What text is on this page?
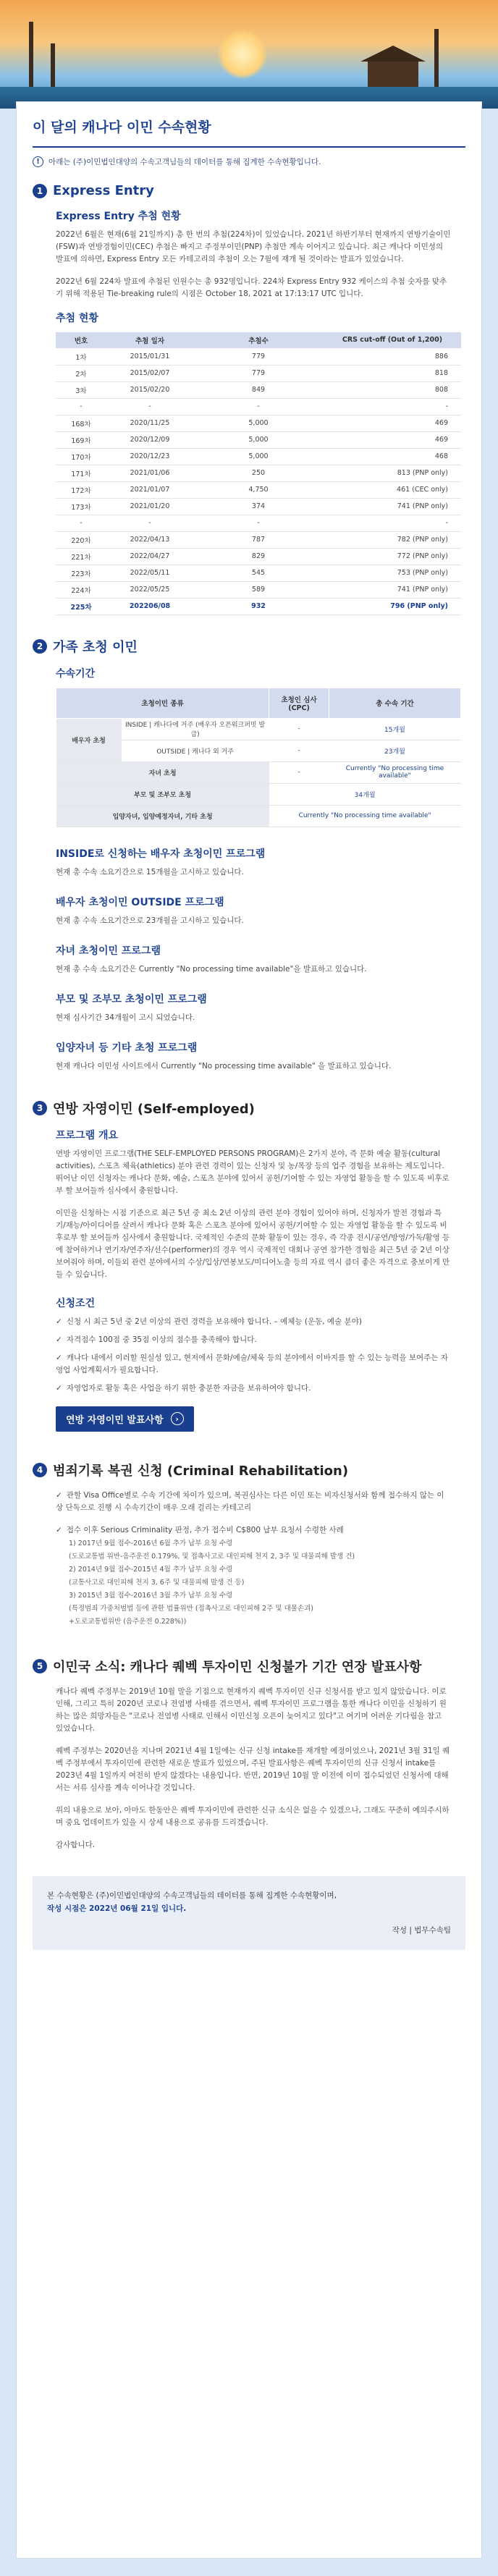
이 달의 캐나다 이민 수속현황
!	아래는 (주)이민법인대양의 수속고객님들의 데이터를 통해 집계한 수속현황입니다.
1 Express Entry
Express Entry 추첨 현황
2022년 6월은 현재(6월 21일까지) 총 한 번의 추첨(224차)이 있었습니다. 2021년 하반기부터 현재까지 연방기술이민(FSW)과 연방경험이민(CEC) 추첨은 빠지고 주정부이민(PNP) 추첨만 계속 이어지고 있습니다. 최근 캐나다 이민성의 발표에 의하면, Express Entry 모든 카테고리의 추첨이 오는 7월에 재개 될 것이라는 발표가 있었습니다.
2022년 6월 224차 발표에 추첨된 인원수는 총 932명입니다. 224차 Express Entry 932 케이스의 추첨 숫자를 맞추기 위해 적용된 Tie-breaking rule의 시점은 October 18, 2021 at 17:13:17 UTC 입니다.
추첨 현황
번호	추첨 일자	추첨수	CRS cut-off (Out of 1,200)
1차	2015/01/31	779	886
2차	2015/02/07	779	818
3차	2015/02/20	849	808
-	-	-	-
168차	2020/11/25	5,000	469
169차	2020/12/09	5,000	469
170차	2020/12/23	5,000	468
171차	2021/01/06	250	813 (PNP only)
172차	2021/01/07	4,750	461 (CEC only)
173차	2021/01/20	374	741 (PNP only)
-	-	-	-
220차	2022/04/13	787	782 (PNP only)
221차	2022/04/27	829	772 (PNP only)
223차	2022/05/11	545	753 (PNP only)
224차	2022/05/25	589	741 (PNP only)
225차	202206/08	932	796 (PNP only)
2 가족 초청 이민
수속기간
초청이민 종류		초청인 심사 (CPC)	총 수속 기간
배우자 초청	INSIDE | 캐나다에 거주 (배우자 오픈워크퍼밋 발급)	-	15개월
	OUTSIDE | 캐나다 외 거주	-	23개월
자녀 초청		-	Currently "No processing time available"
부모 및 조부모 초청		34개월	
입양자녀, 입양예정자녀, 기타 초청		Currently "No processing time available"	
INSIDE로 신청하는 배우자 초청이민 프로그램
현재 총 수속 소요기간으로 15개월을 고시하고 있습니다.
배우자 초청이민 OUTSIDE 프로그램
현재 총 수속 소요기간으로 23개월을 고시하고 있습니다.
자녀 초청이민 프로그램
현재 총 수속 소요기간은 Currently "No processing time available"을 발표하고 있습니다.
부모 및 조부모 초청이민 프로그램
현재 심사기간 34개월이 고시 되었습니다.
입양자녀 등 기타 초청 프로그램
현재 캐나다 이민성 사이트에서 Currently "No processing time available" 을 발표하고 있습니다.
3 연방 자영이민 (Self-employed)
프로그램 개요
연방 자영이민 프로그램(THE SELF-EMPLOYED PERSONS PROGRAM)은 2가지 분야, 즉 문화 예술 활동(cultural activities), 스포츠 체육(athletics) 분야 관련 경력이 있는 신청자 및 농/목장 등의 업주 경험을 보유하는 제도입니다. 뛰어난 이민 신청자는 캐나다 문화, 예술, 스포츠 분야에 있어서 공헌/기여할 수 있는 자영업 활동을 할 수 있도록 비후로부 할 보어들까 심사에서 충원합니다.
이민을 신청하는 시점 기준으로 최근 5년 중 최소 2년 이상의 관련 분야 경험이 있어야 하며, 신청자가 발전 경험과 특기/재능/아이디어를 살려서 캐나다 문화 혹은 스포츠 분야에 있어서 공헌/기여할 수 있는 자영업 활동을 할 수 있도록 비후로부 할 보어들까 심사에서 충원합니다. 국제적인 수준의 문화 활동이 있는 경우, 즉 각종 전시/공연/방영/가독/활영 등에 참여하거나 연기자/연주자/선수(performer)의 경우 역시 국제적인 대회나 공연 참가한 경험을 최근 5년 중 2년 이상 보여줘야 하며, 이들외 관련 분야에서의 수상/입상/연봉보도/미디어노출 등의 자료 역시 큼더 좋은 자격으로 충보이게 만들 수 있습니다.
신청조건
✓ 신청 시 최근 5년 중 2년 이상의 관련 경력을 보유해야 합니다. – 예체능 (운동, 예술 분야)
✓ 자격점수 100점 중 35점 이상의 점수를 충족해야 합니다.
✓ 캐나다 내에서 이러할 원실성 있고, 현저에서 문화/예술/체육 등의 분야에서 이바지를 할 수 있는 능력을 보여주는 자영업 사업계획서가 필요합니다.
✓ 자영업자로 활동 혹은 사업을 하기 위한 충분한 자금을 보유하여야 합니다.
연방 자영이민 발표사항	›
4 범죄기록 복권 신청 (Criminal Rehabilitation)
✓ 관할 Visa Office별로 수속 기간에 차이가 있으며, 복권심사는 다른 이민 또는 비자신청서와 함께 접수하지 않는 이상 단독으로 진행 시 수속기간이 매우 오래 걸리는 카테고리
✓ 접수 이후 Serious Criminality 판정, 추가 접수비 C$800 납부 요청서 수령한 사례
1) 2017년 9월 접수-2016년 6월 추가 납부 요청 수령
(도로교통법 위반-음주운전 0.179%, 및 접촉사고로 대인피해 천지 2, 3주 및 대물피해 발생 건)
2) 2014년 9월 접수-2015년 4월 추가 납부 요청 수령
(교통사고로 대인피해 천지 3, 6주 및 대물피해 발생 건 등)
3) 2015년 3월 접수-2016년 3월 추가 납부 요청 수령
(특정범죄 가중처벌법 등에 관한 법률위반 (접촉사고로 대인피해 2주 및 대물손괴)
+도로교통법위반 (음주운전 0.228%))
5 이민국 소식: 캐나다 퀘벡 투자이민 신청불가 기간 연장 발표사항
캐나다 퀘벡 주정부는 2019년 10월 말을 기점으로 현재까지 퀘벡 투자이민 신규 신청서를 받고 있지 않았습니다. 이로 인해, 그리고 특히 2020년 코로나 전염병 사태를 겪으면서, 퀘벡 투자이민 프로그램을 통한 캐나다 이민을 신청하기 원하는 많은 희망자들은 "코로나 전염병 사태로 인해서 이민신청 오픈이 늦어지고 있다"고 여기며 어려운 기다림을 참고 있었습니다.
퀘벡 주정부는 2020년을 지나며 2021년 4월 1일에는 신규 신청 intake를 재개할 예정이었으나, 2021년 3월 31일 퀘벡 주정부에서 투자이민에 관련한 새로운 발표가 있었으며, 주된 발표사항은 퀘벡 투자이민의 신규 신청서 intake를 2023년 4월 1일까지 여전히 받지 않겠다는 내용입니다. 반면, 2019년 10월 말 이전에 이미 접수되었던 신청서에 대해서는 서류 심사를 계속 이어나갈 것입니다.
위의 내용으로 보아, 아마도 한동안은 퀘벡 투자이민에 관련한 신규 소식은 없을 수 있겠으나, 그래도 꾸준히 예의주시하며 중요 업데이트가 있을 시 상세 내용으로 공유를 드리겠습니다.
감사합니다.
본 수속현황은 (주)이민법인대양의 수속고객님들의 데이터를 통해 집계한 수속현황이며,
작성 시점은 2022년 06월 21일 입니다.
작성 | 법무수속팀
